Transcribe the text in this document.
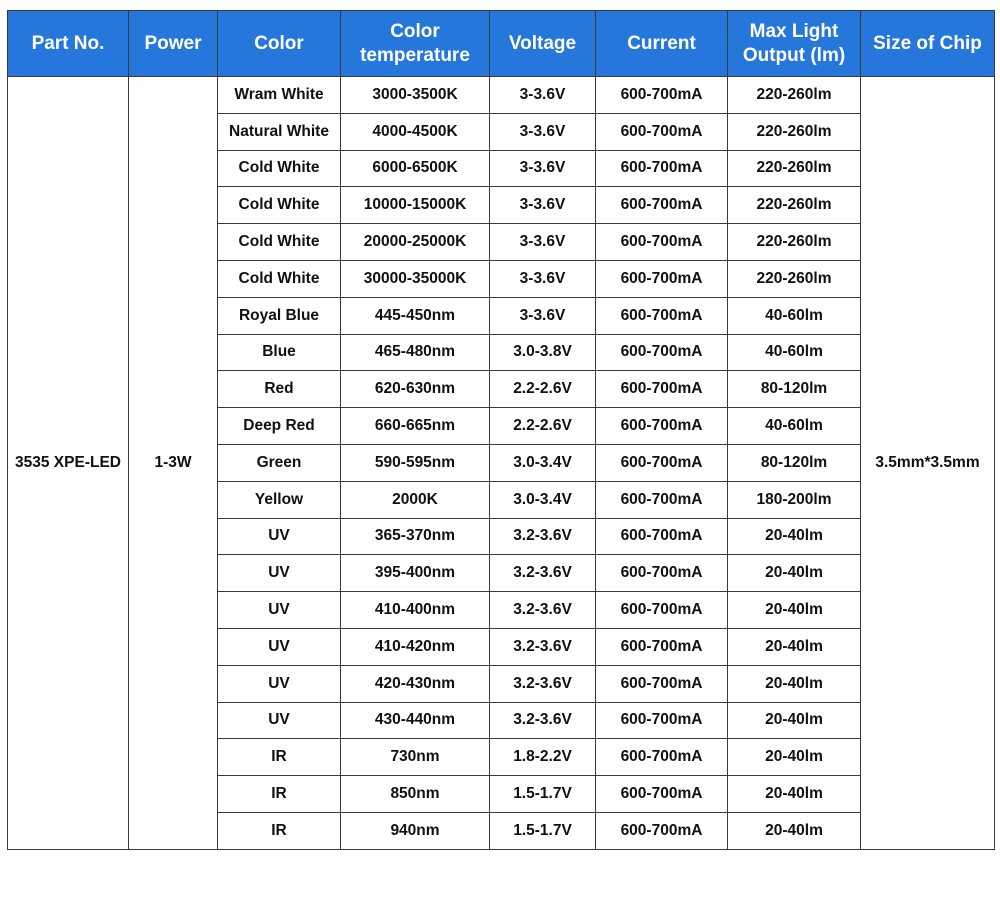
Part No.	Power	Color	Color temperature	Voltage	Current	Max Light Output (lm)	Size of Chip
3535 XPE-LED	1-3W	Wram White	3000-3500K	3-3.6V	600-700mA	220-260lm	3.5mm*3.5mm
		Natural White	4000-4500K	3-3.6V	600-700mA	220-260lm	
		Cold White	6000-6500K	3-3.6V	600-700mA	220-260lm	
		Cold White	10000-15000K	3-3.6V	600-700mA	220-260lm	
		Cold White	20000-25000K	3-3.6V	600-700mA	220-260lm	
		Cold White	30000-35000K	3-3.6V	600-700mA	220-260lm	
		Royal Blue	445-450nm	3-3.6V	600-700mA	40-60lm	
		Blue	465-480nm	3.0-3.8V	600-700mA	40-60lm	
		Red	620-630nm	2.2-2.6V	600-700mA	80-120lm	
		Deep Red	660-665nm	2.2-2.6V	600-700mA	40-60lm	
		Green	590-595nm	3.0-3.4V	600-700mA	80-120lm	
		Yellow	2000K	3.0-3.4V	600-700mA	180-200lm	
		UV	365-370nm	3.2-3.6V	600-700mA	20-40lm	
		UV	395-400nm	3.2-3.6V	600-700mA	20-40lm	
		UV	410-400nm	3.2-3.6V	600-700mA	20-40lm	
		UV	410-420nm	3.2-3.6V	600-700mA	20-40lm	
		UV	420-430nm	3.2-3.6V	600-700mA	20-40lm	
		UV	430-440nm	3.2-3.6V	600-700mA	20-40lm	
		IR	730nm	1.8-2.2V	600-700mA	20-40lm	
		IR	850nm	1.5-1.7V	600-700mA	20-40lm	
		IR	940nm	1.5-1.7V	600-700mA	20-40lm	
